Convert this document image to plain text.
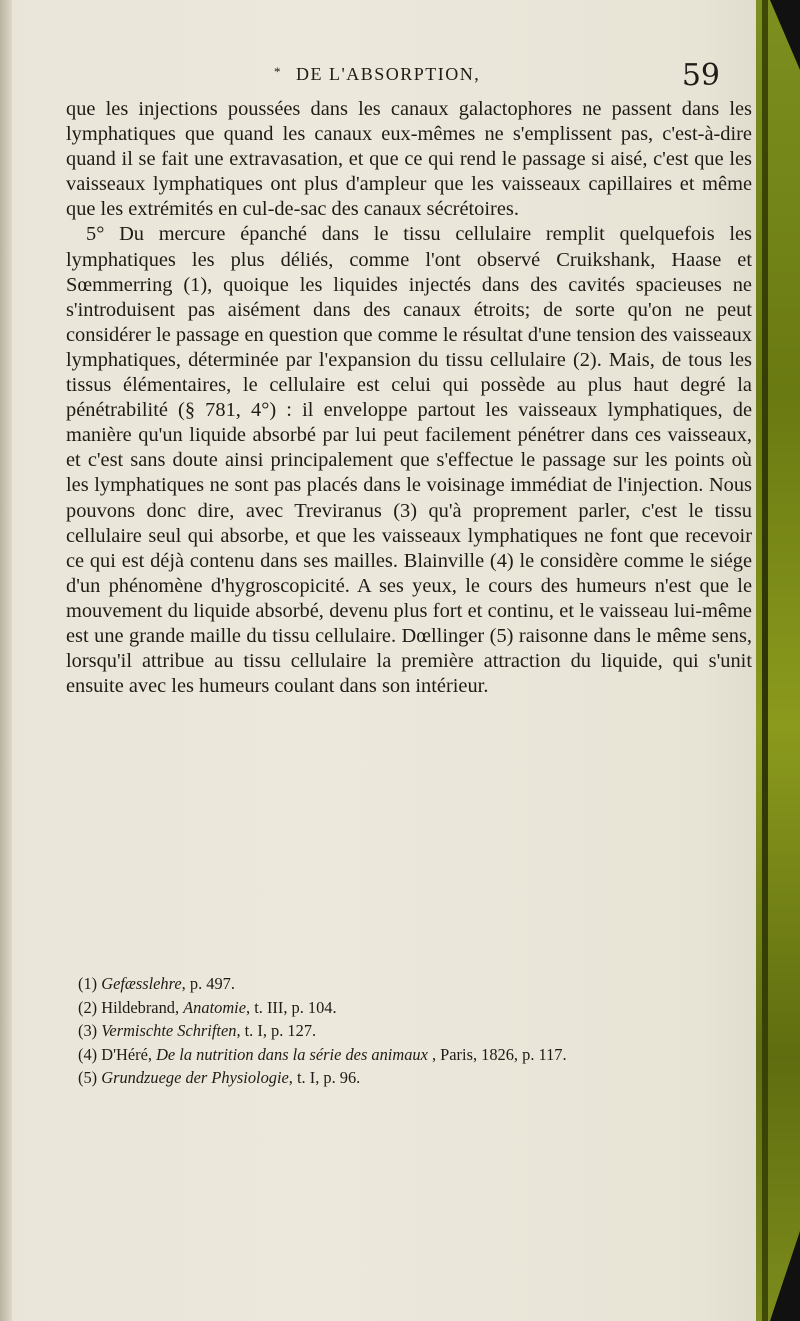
* DE L'ABSORPTION,	59

que les injections poussées dans les canaux galactophores ne passent dans les lymphatiques que quand les canaux eux-mêmes ne s'emplissent pas, c'est-à-dire quand il se fait une extravasation, et que ce qui rend le passage si aisé, c'est que les vaisseaux lymphatiques ont plus d'ampleur que les vaisseaux capillaires et même que les extrémités en cul-de-sac des canaux sécrétoires.

5° Du mercure épanché dans le tissu cellulaire remplit quelquefois les lymphatiques les plus déliés, comme l'ont observé Cruikshank, Haase et Sœmmerring (1), quoique les liquides injectés dans des cavités spacieuses ne s'introduisent pas aisément dans des canaux étroits; de sorte qu'on ne peut considérer le passage en question que comme le résultat d'une tension des vaisseaux lymphatiques, déterminée par l'expansion du tissu cellulaire (2). Mais, de tous les tissus élémentaires, le cellulaire est celui qui possède au plus haut degré la pénétrabilité (§ 781, 4°) : il enveloppe partout les vaisseaux lymphatiques, de manière qu'un liquide absorbé par lui peut facilement pénétrer dans ces vaisseaux, et c'est sans doute ainsi principalement que s'effectue le passage sur les points où les lymphatiques ne sont pas placés dans le voisinage immédiat de l'injection. Nous pouvons donc dire, avec Treviranus (3) qu'à proprement parler, c'est le tissu cellulaire seul qui absorbe, et que les vaisseaux lymphatiques ne font que recevoir ce qui est déjà contenu dans ses mailles. Blainville (4) le considère comme le siége d'un phénomène d'hygroscopicité. A ses yeux, le cours des humeurs n'est que le mouvement du liquide absorbé, devenu plus fort et continu, et le vaisseau lui-même est une grande maille du tissu cellulaire. Dœllinger (5) raisonne dans le même sens, lorsqu'il attribue au tissu cellulaire la première attraction du liquide, qui s'unit ensuite avec les humeurs coulant dans son intérieur.

(1) Gefæsslehre, p. 497.

(2) Hildebrand, Anatomie, t. III, p. 104.

(3) Vermischte Schriften, t. I, p. 127.

(4) D'Héré, De la nutrition dans la série des animaux , Paris, 1826, p. 117.

(5) Grundzuege der Physiologie, t. I, p. 96.
